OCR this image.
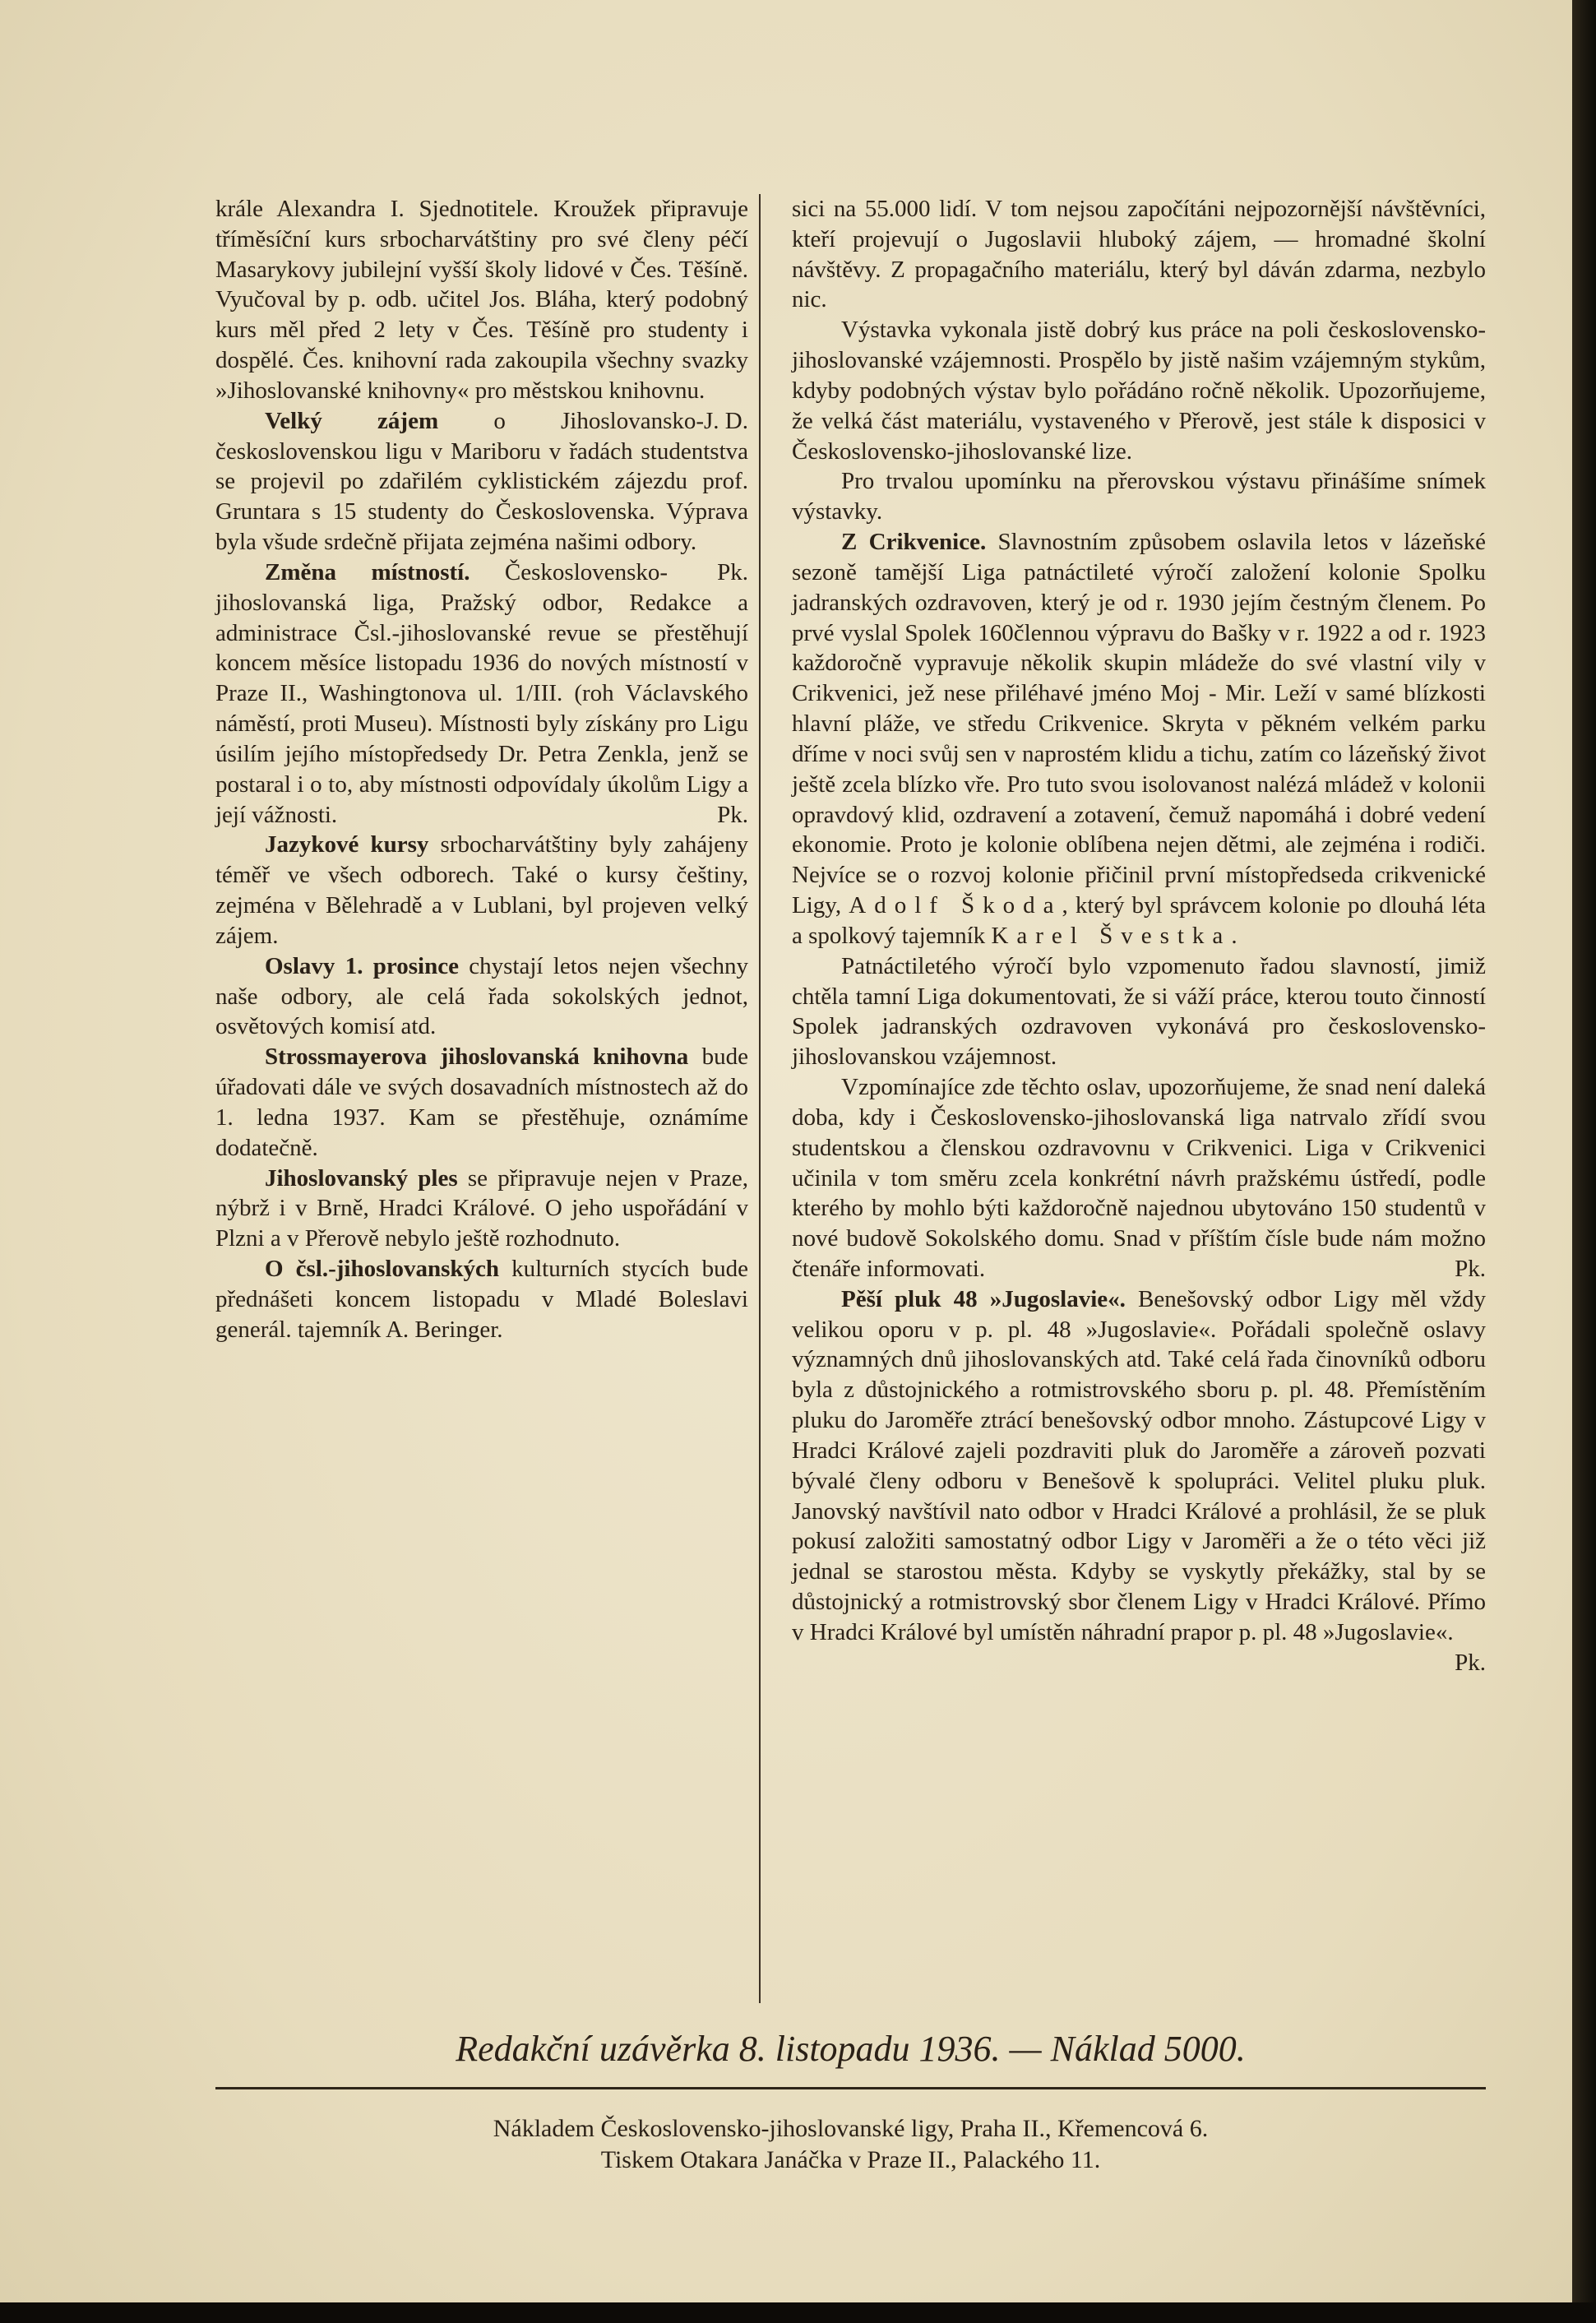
krále Alexandra I. Sjednotitele. Kroužek připravuje tříměsíční kurs srbocharvátštiny pro své členy péčí Masarykovy jubilejní vyšší školy lidové v Čes. Těšíně. Vyučoval by p. odb. učitel Jos. Bláha, který podobný kurs měl před 2 lety v Čes. Těšíně pro studenty i dospělé. Čes. knihovní rada zakoupila všechny svazky »Jihoslovanské knihovny« pro městskou knihovnu.
J. D.

Velký zájem o Jihoslovansko-československou ligu v Mariboru v řadách studentstva se projevil po zdařilém cyklistickém zájezdu prof. Gruntara s 15 studenty do Československa. Výprava byla všude srdečně přijata zejména našimi odbory.
Pk.

Změna místností. Československo-jihoslovanská liga, Pražský odbor, Redakce a administrace Čsl.-jihoslovanské revue se přestěhují koncem měsíce listopadu 1936 do nových místností v Praze II., Washingtonova ul. 1/III. (roh Václavského náměstí, proti Museu). Místnosti byly získány pro Ligu úsilím jejího místopředsedy Dr. Petra Zenkla, jenž se postaral i o to, aby místnosti odpovídaly úkolům Ligy a její vážnosti.	Pk.

Jazykové kursy srbocharvátštiny byly zahájeny téměř ve všech odborech. Také o kursy češtiny, zejména v Bělehradě a v Lublani, byl projeven velký zájem.

Oslavy 1. prosince chystají letos nejen všechny naše odbory, ale celá řada sokolských jednot, osvětových komisí atd.

Strossmayerova jihoslovanská knihovna bude úřadovati dále ve svých dosavadních místnostech až do 1. ledna 1937. Kam se přestěhuje, oznámíme dodatečně.

Jihoslovanský ples se připravuje nejen v Praze, nýbrž i v Brně, Hradci Králové. O jeho uspořádání v Plzni a v Přerově nebylo ještě rozhodnuto.

O čsl.-jihoslovanských kulturních stycích bude přednášeti koncem listopadu v Mladé Boleslavi generál. tajemník A. Beringer.

sici na 55.000 lidí. V tom nejsou započítáni nejpozornější návštěvníci, kteří projevují o Jugoslavii hluboký zájem, — hromadné školní návštěvy. Z propagačního materiálu, který byl dáván zdarma, nezbylo nic.

Výstavka vykonala jistě dobrý kus práce na poli československo-jihoslovanské vzájemnosti. Prospělo by jistě našim vzájemným stykům, kdyby podobných výstav bylo pořádáno ročně několik. Upozorňujeme, že velká část materiálu, vystaveného v Přerově, jest stále k disposici v Československo-jihoslovanské lize.

Pro trvalou upomínku na přerovskou výstavu přinášíme snímek výstavky.

Z Crikvenice. Slavnostním způsobem oslavila letos v lázeňské sezoně tamější Liga patnáctileté výročí založení kolonie Spolku jadranských ozdravoven, který je od r. 1930 jejím čestným členem. Po prvé vyslal Spolek 160člennou výpravu do Bašky v r. 1922 a od r. 1923 každoročně vypravuje několik skupin mládeže do své vlastní vily v Crikvenici, jež nese přiléhavé jméno Moj - Mir. Leží v samé blízkosti hlavní pláže, ve středu Crikvenice. Skryta v pěkném velkém parku dříme v noci svůj sen v naprostém klidu a tichu, zatím co lázeňský život ještě zcela blízko vře. Pro tuto svou isolovanost nalézá mládež v kolonii opravdový klid, ozdravení a zotavení, čemuž napomáhá i dobré vedení ekonomie. Proto je kolonie oblíbena nejen dětmi, ale zejména i rodiči. Nejvíce se o rozvoj kolonie přičinil první místopředseda crikvenické Ligy, Adolf Škoda, který byl správcem kolonie po dlouhá léta a spolkový tajemník Karel Švestka.

Patnáctiletého výročí bylo vzpomenuto řadou slavností, jimiž chtěla tamní Liga dokumentovati, že si váží práce, kterou touto činností Spolek jadranských ozdravoven vykonává pro československo-jihoslovanskou vzájemnost.

Vzpomínajíce zde těchto oslav, upozorňujeme, že snad není daleká doba, kdy i Československo-jihoslovanská liga natrvalo zřídí svou studentskou a členskou ozdravovnu v Crikvenici. Liga v Crikvenici učinila v tom směru zcela konkrétní návrh pražskému ústředí, podle kterého by mohlo býti každoročně najednou ubytováno 150 studentů v nové budově Sokolského domu. Snad v příštím čísle bude nám možno čtenáře informovati.	Pk.

Pěší pluk 48 »Jugoslavie«. Benešovský odbor Ligy měl vždy velikou oporu v p. pl. 48 »Jugoslavie«. Pořádali společně oslavy významných dnů jihoslovanských atd. Také celá řada činovníků odboru byla z důstojnického a rotmistrovského sboru p. pl. 48. Přemístěním pluku do Jaroměře ztrácí benešovský odbor mnoho. Zástupcové Ligy v Hradci Králové zajeli pozdraviti pluk do Jaroměře a zároveň pozvati bývalé členy odboru v Benešově k spolupráci. Velitel pluku pluk. Janovský navštívil nato odbor v Hradci Králové a prohlásil, že se pluk pokusí založiti samostatný odbor Ligy v Jaroměři a že o této věci již jednal se starostou města. Kdyby se vyskytly překážky, stal by se důstojnický a rotmistrovský sbor členem Ligy v Hradci Králové. Přímo v Hradci Králové byl umístěn náhradní prapor p. pl. 48 »Jugoslavie«.
Pk.

Redakční uzávěrka 8. listopadu 1936. — Náklad 5000.

Nákladem Československo-jihoslovanské ligy, Praha II., Křemencová 6.

Tiskem Otakara Janáčka v Praze II., Palackého 11.
